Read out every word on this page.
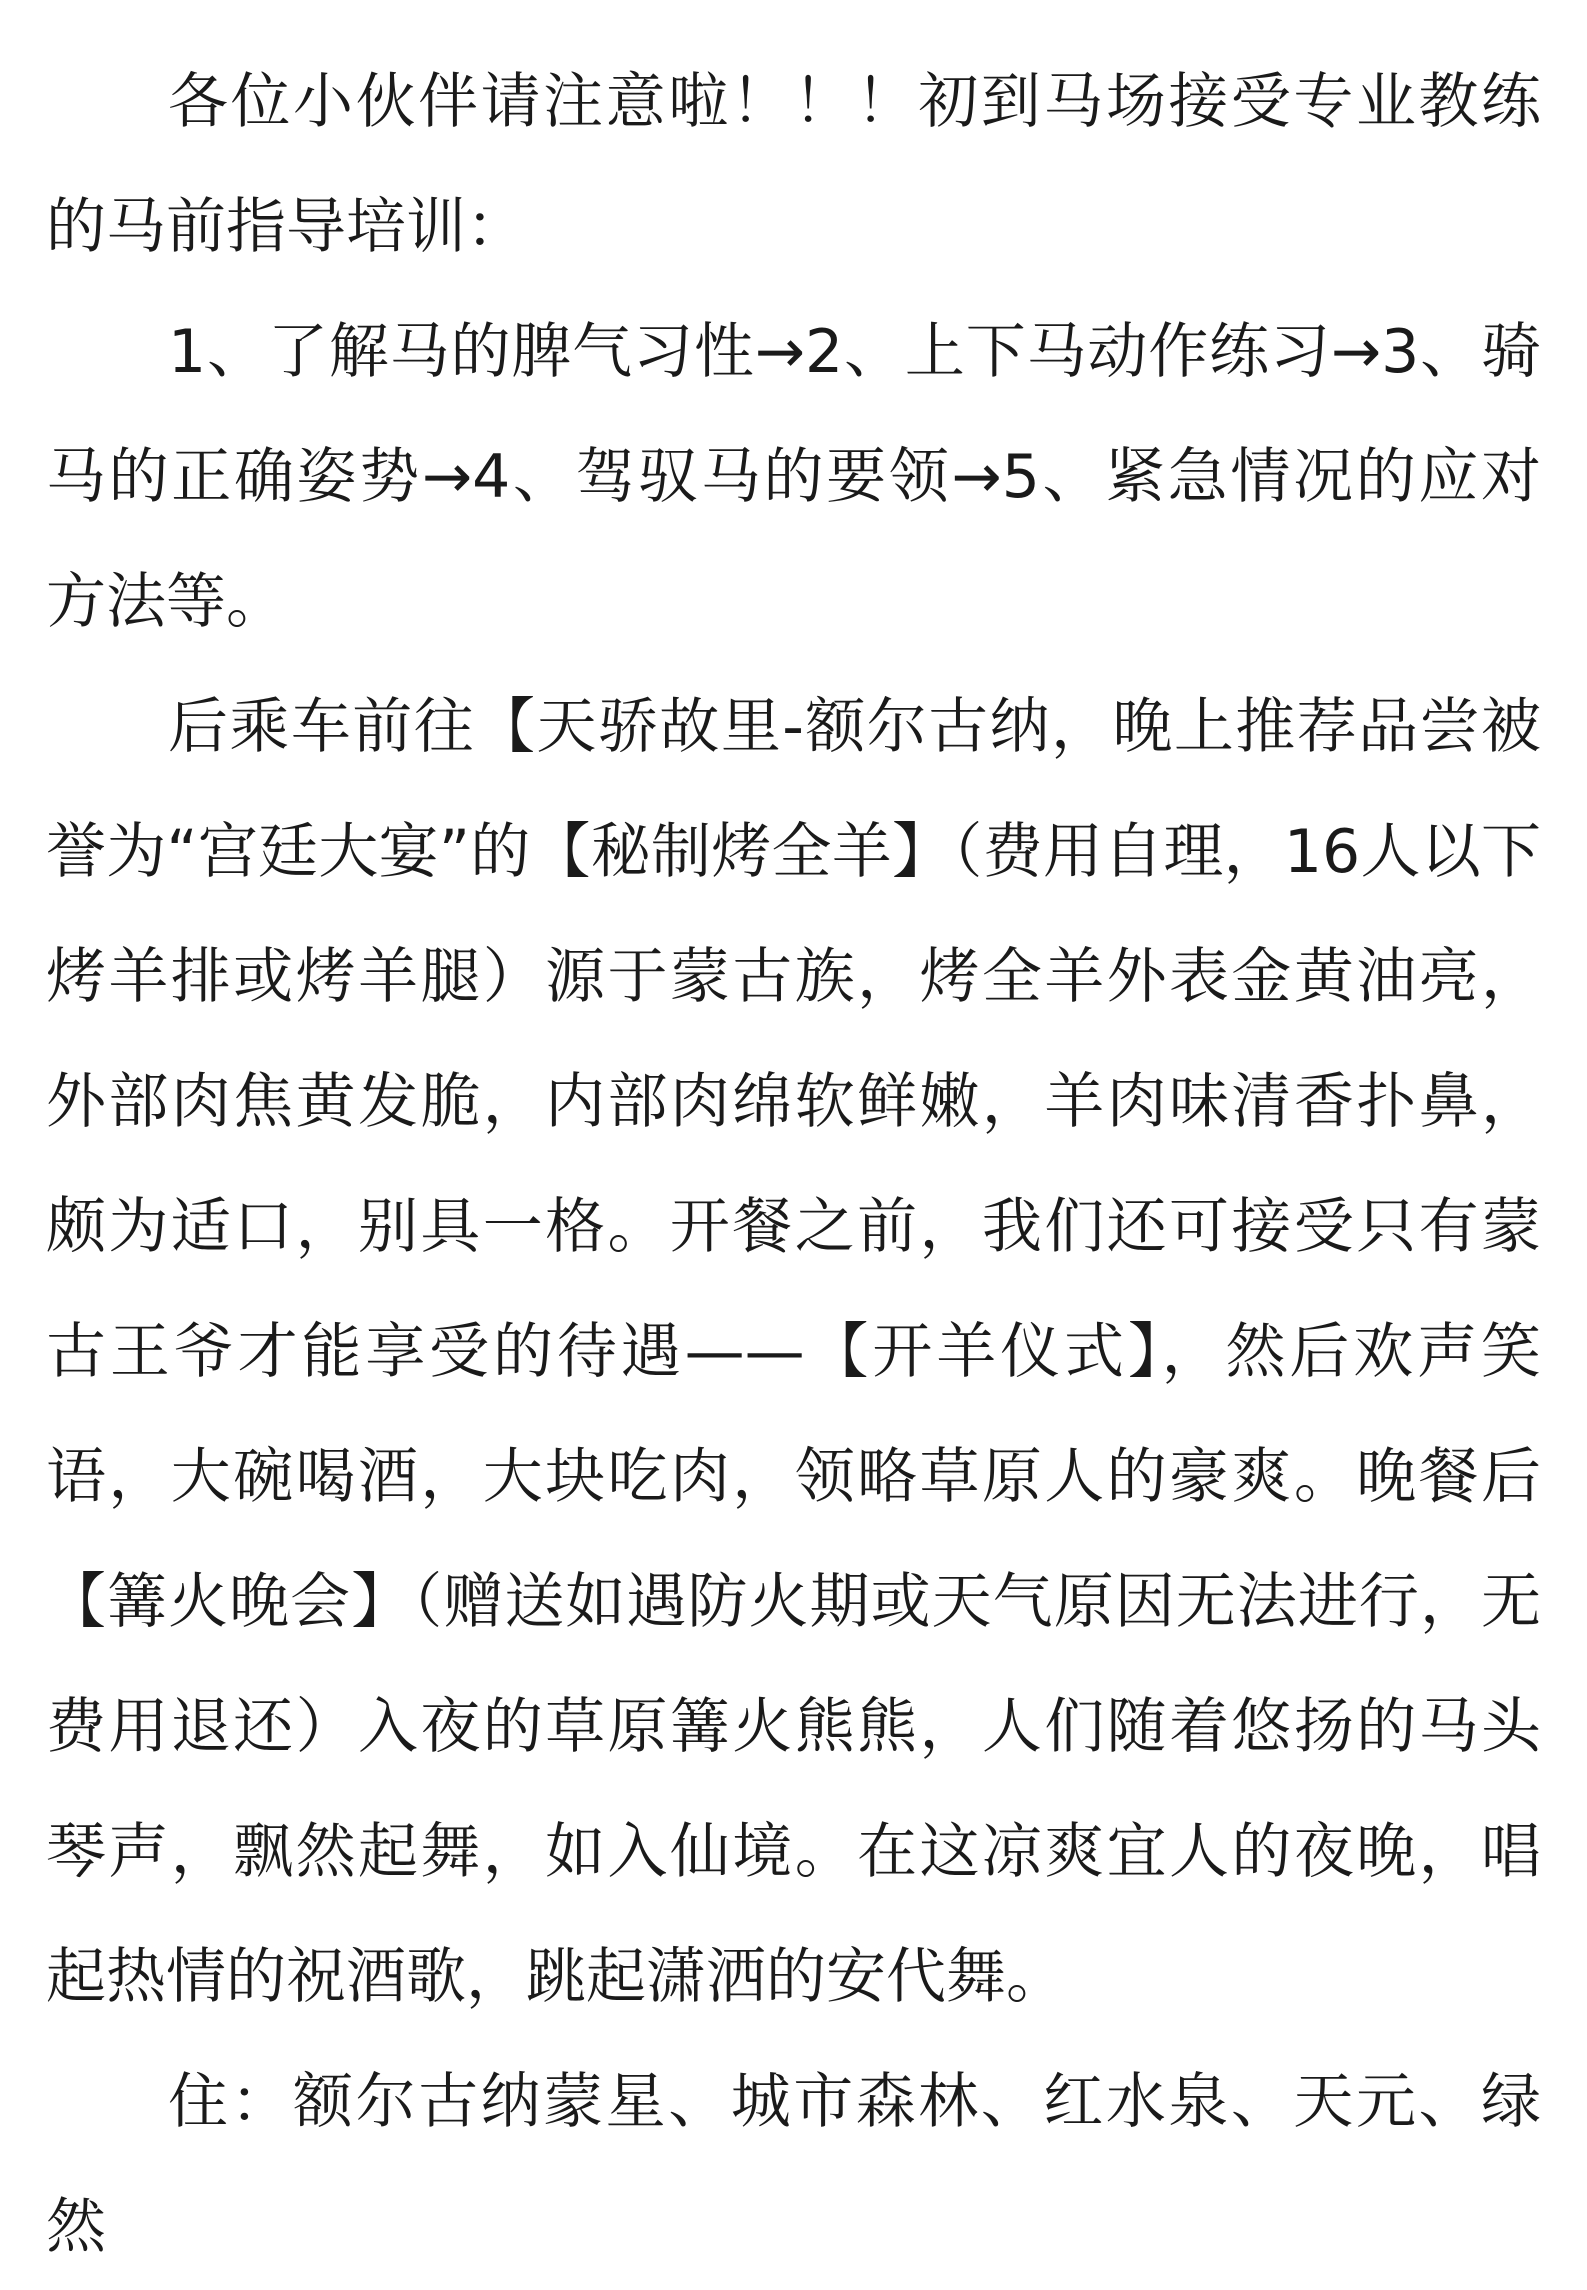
各位小伙伴请注意啦！！！初到马场接受专业教练的马前指导培训：

1、了解马的脾气习性→2、上下马动作练习→3、骑马的正确姿势→4、驾驭马的要领→5、紧急情况的应对方法等。

后乘车前往【天骄故里-额尔古纳，晚上推荐品尝被誉为“宫廷大宴”的【秘制烤全羊】（费用自理，16人以下烤羊排或烤羊腿）源于蒙古族，烤全羊外表金黄油亮，外部肉焦黄发脆，内部肉绵软鲜嫩，羊肉味清香扑鼻，颇为适口，别具一格。开餐之前，我们还可接受只有蒙古王爷才能享受的待遇——【开羊仪式】，然后欢声笑语，大碗喝酒，大块吃肉，领略草原人的豪爽。晚餐后【篝火晚会】（赠送如遇防火期或天气原因无法进行，无费用退还）入夜的草原篝火熊熊，人们随着悠扬的马头琴声，飘然起舞，如入仙境。在这凉爽宜人的夜晚，唱起热情的祝酒歌，跳起潇洒的安代舞。

住：额尔古纳蒙星、城市森林、红水泉、天元、绿然
